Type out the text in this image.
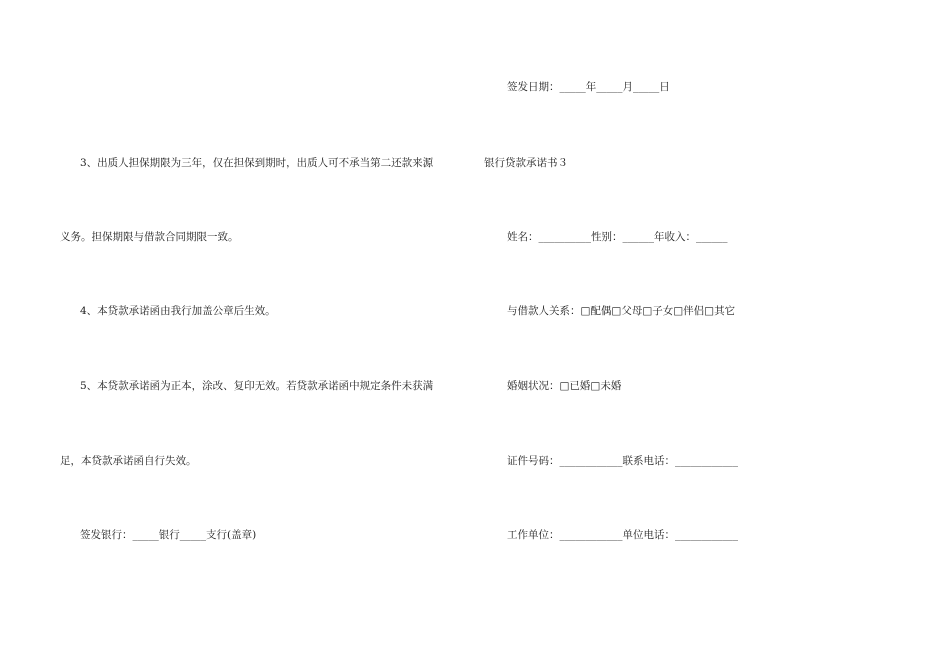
3、出质人担保期限为三年，仅在担保到期时，出质人可不承当第二还款来源
义务。担保期限与借款合同期限一致。
4、本贷款承诺函由我行加盖公章后生效。
5、本贷款承诺函为正本，涂改、复印无效。若贷款承诺函中规定条件未获满
足，本贷款承诺函自行失效。
签发银行：_____银行_____支行(盖章)
签发日期：_____年_____月_____日
银行贷款承诺书３
姓名：__________性别：______年收入：______
与借款人关系：□配偶□父母□子女□伴侣□其它
婚姻状况：□已婚□未婚
证件号码：____________联系电话：____________
工作单位：____________单位电话：____________
